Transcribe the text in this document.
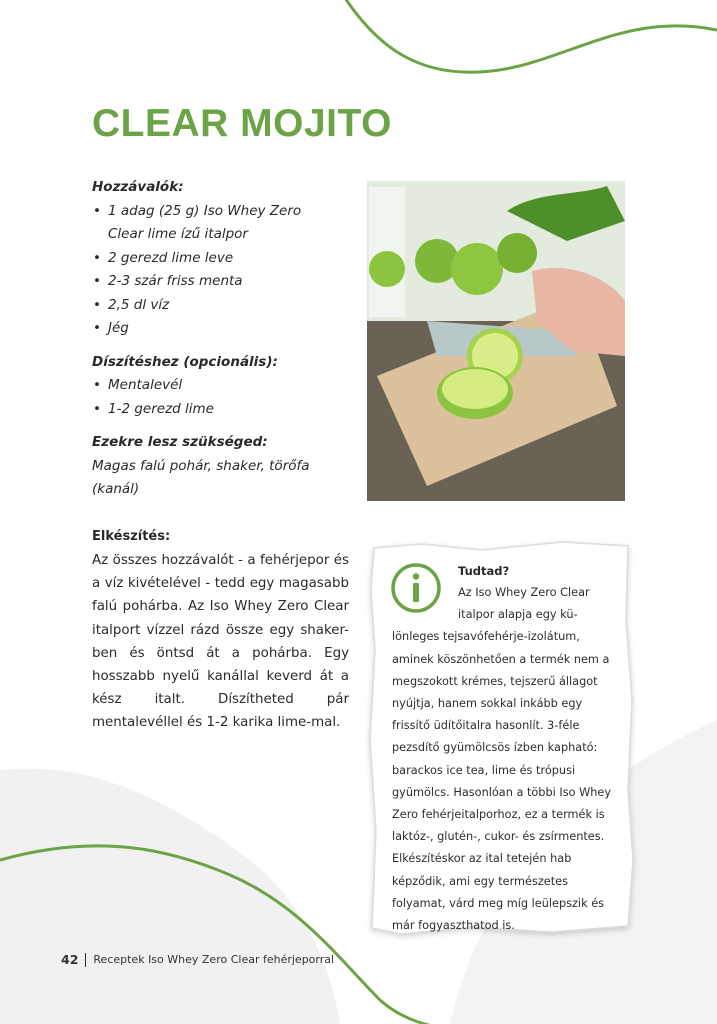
CLEAR MOJITO
Hozzávalók:
• 1 adag (25 g) Iso Whey Zero
Clear lime ízű italpor
• 2 gerezd lime leve
• 2-3 szár friss menta
• 2,5 dl víz
• Jég
Díszítéshez (opcionális):
• Mentalevél
• 1-2 gerezd lime
Ezekre lesz szükséged:

Magas falú pohár, shaker, törőfa
(kanál)

Elkészítés:

Az összes hozzávalót - a fehérjepor és a víz kivételével - tedd egy magasabb falú pohárba. Az Iso Whey Zero Clear italport vízzel rázd össze egy shaker-ben és öntsd át a pohárba. Egy hosszabb nyelű kanállal keverd át a kész italt. Díszítheted pár mentalevéllel és 1-2 karika lime-mal.

Tudtad?
Az Iso Whey Zero Clear
italpor alapja egy kü-
lönleges tejsavófehérje-izolátum, aminek köszönhetően a termék nem a megszokott krémes, tejszerű állagot nyújtja, hanem sokkal inkább egy frissítő üdítőitalra hasonlít. 3-féle pezsdítő gyümölcsös ízben kapható: barackos ice tea, lime és trópusi gyümölcs. Hasonlóan a többi Iso Whey Zero fehérjeitalporhoz, ez a termék is laktóz-, glutén-, cukor- és zsírmentes. Elkészítéskor az ital tetején hab képződik, ami egy természetes folyamat, várd meg míg leülepszik és már fogyaszthatod is.
42 Receptek Iso Whey Zero Clear fehérjeporral
